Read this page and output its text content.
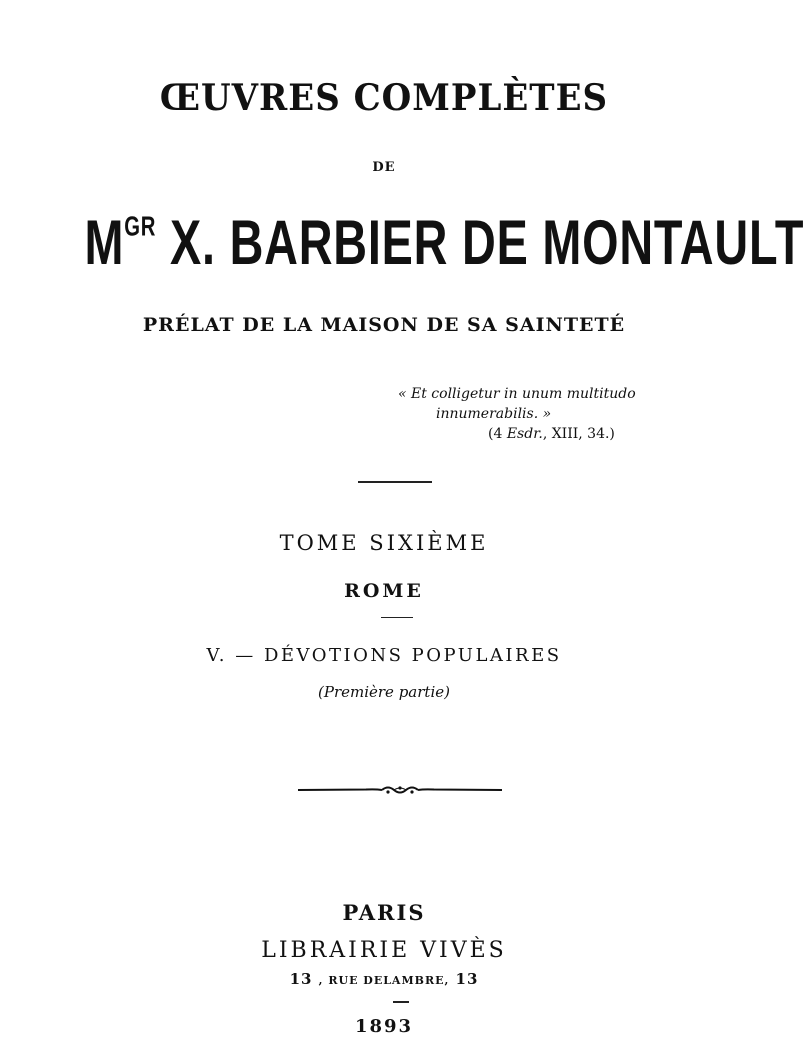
ŒUVRES COMPLÈTES
DE
$M^{GR}$ X. BARBIER DE MONTAULT
PRÉLAT DE LA MAISON DE SA SAINTETÉ
« Et colligetur in unum multitudo
innumerabilis. »
(4 Esdr., XIII, 34.)
TOME SIXIÈME
ROME
V. — DÉVOTIONS POPULAIRES
(Première partie)
PARIS
LIBRAIRIE VIVÈS
13 , RUE DELAMBRE, 13
1893
